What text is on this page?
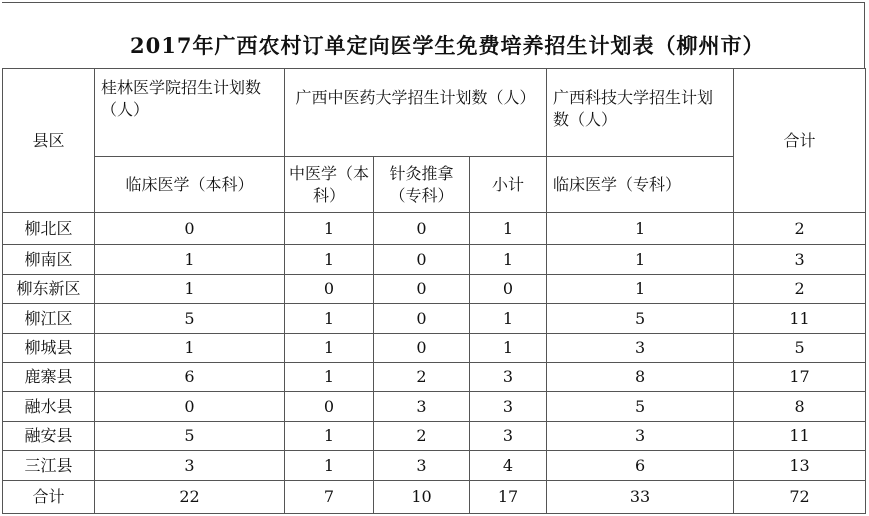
2017年广西农村订单定向医学生免费培养招生计划表（柳州市）
县区	桂林医学院招生计划数（人）	广西中医药大学招生计划数（人）			广西科技大学招生计划数（人）	合计
	临床医学（本科）	中医学（本科）	针灸推拿（专科）	小计	临床医学（专科）	
柳北区	0	1	0	1	1	2
柳南区	1	1	0	1	1	3
柳东新区	1	0	0	0	1	2
柳江区	5	1	0	1	5	11
柳城县	1	1	0	1	3	5
鹿寨县	6	1	2	3	8	17
融水县	0	0	3	3	5	8
融安县	5	1	2	3	3	11
三江县	3	1	3	4	6	13
合计	22	7	10	17	33	72
